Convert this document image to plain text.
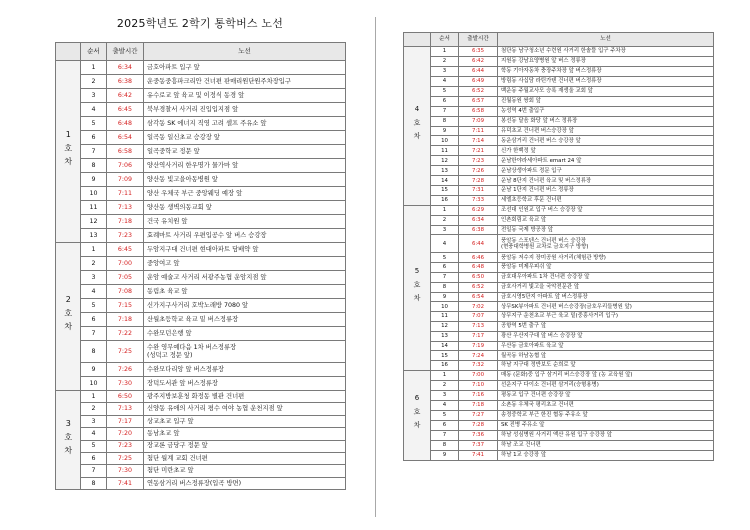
2025학년도 2학기 통학버스 노선
	순서	출발시간	노선
1호차	1	6:34	금호아파트 입구 앞
	2	6:38	운중동중흥파크리안 건너편 판매리원단원주차장입구
	3	6:42	유수로교 앞 육교 및 이정식 동경 앞
	4	6:45	북부경찰서 사거리 진입입지점 앞
	5	6:48	삼각동 SK 에너지 직영 고려 셀프 주유소 앞
	6	6:54	일곡동 일신초교 승강장 앞
	7	6:58	일곡중학교 정문 앞
	8	7:06	양산역사거리 한우명가 물가마 앞
	9	7:09	양산동 빛고을아동병원 앞
	10	7:11	양산 우체국 부근 중앙웨딩 예장 앞
	11	7:13	양산동 생벽의동교회 앞
	12	7:18	건국 유치원 앞
	13	7:23	효례마트 사거리 우편입공수 앞 버스 승강장
2호차	1	6:45	두암지구대 건너편 현대아파트 담배약 앞
	2	7:00	중앙여고 앞
	3	7:05	운암 예술고 사거리 서광주농협 운암지점 앞
	4	7:08	동림초 육교 앞
	5	7:15	신가지구사거리 호박노래방 7080 앞
	6	7:18	산월초등학교 육교 밑 버스정류장
	7	7:22	수완모던은행 앞
	8	7:25	수완 영무예다음 1차 버스정류장
(성덕고 정문 앞)
	9	7:26	수완모다리앙 앞 버스정류장
	10	7:30	장덕도서관 앞 버스정류장
3호차	1	6:50	광주지방보훈청 화정동 별관 건너편
	2	7:13	신양동 유애의 사거리 평수 여야 농협 운천지점 앞
	3	7:17	상교초교 입구 앞
	4	7:20	동남초교 앞
	5	7:23	장교론 금당구 정문 앞
	6	7:25	첨단 월계 교회 건너편
	7	7:30	첨단 미란초교 앞
	8	7:41	연동삼거리 버스정류장(입곡 방면)
	순서	출발시간	노선
4호차	1	6:35	첨단동 남구청소년 수련원 사거리 한솔뜰 입구 주차장
	2	6:42	지원동 강남요양병원 앞 버스 정류장
	3	6:44	학동 기아자동차 충장주차장 앞 버스정류장
	4	6:49	방림동 사십담 라틴가텐 건너편 버스정류장
	5	6:52	백운동 주월교사모 승록 재생울 교회 앞
	6	6:57	진월동원 쌍회 앞
	7	6:58	농성역 4번 출입구
	8	7:09	봉선동 달음 화당 앞 버스 정류장
	9	7:11	유덕초교 건너편 버스승강장 앞
	10	7:14	동운삼거리 건너편 버스 승강장 앞
	11	7:21	신가 한백정 앞
	12	7:23	운남한야라세아파트 emart 24 앞
	13	7:26	운남상생아파트 정문 입구
	14	7:28	운남 8단지 건너편 육교 및 버스정류장
	15	7:31	운남 1단지 건너편 버스 정류장
	16	7:33	세엘초등학교 후문 건너편
5호차	1	6:29	조선대 인원교 입구 버스 승강장 앞
	2	6:34	인촌회림교 육교 앞
	3	6:38	전일동 국제 방공장 앞
	4	6:44	풍암동 스포텐스 건너편 버스 승강장
(현풍대학병원 교차로 금호지구 방향)
	5	6:46	풍암동 저수지 장미공원 사거리(체험관 방향)
	6	6:48	풍암동 미제우피쉬 앞
	7	6:50	금호대우아파트 1차 건너편 승강장 앞
	8	6:52	금호사거리 빛고을 국악전문관 앞
	9	6:54	금호시영5단지 아파트 앞 버스정류장
	10	7:02	상무SK뷰아파트 건너편 버스승강장(금호우리들병원 앞)
	11	7:07	상무지구 운천초교 부근 육교 밑(중흥사거리 입구)
	12	7:13	공항역 5번 출구 앞
	13	7:17	광산 우산지구대 앞 버스 승강장 앞
	14	7:19	우산동 금호아파트 육교 앞
	15	7:24	월곡동 하남농협 앞
	16	7:32	하남 지구대 정반보도 순희로 앞
6호차	1	7:00	매동 (문화)중 입구 삼거리 버스승강장 앞 (농 교육원 앞)
	2	7:10	선운지구 다이소 건너편 삼거리(승형용병)
	3	7:16	평동교 입구 건너편 승강장 앞
	4	7:18	소촌동 우체국 평리초교 건너편
	5	7:27	송정중학교 부근 한진 협동 주유소 앞
	6	7:28	SK 진병 주유소 앞
	7	7:36	하남 성심병원 사거리 액산 유원 입구 승강장 앞
	8	7:37	하남 조교 건너편
	9	7:41	하남 1교 승강장 앞
